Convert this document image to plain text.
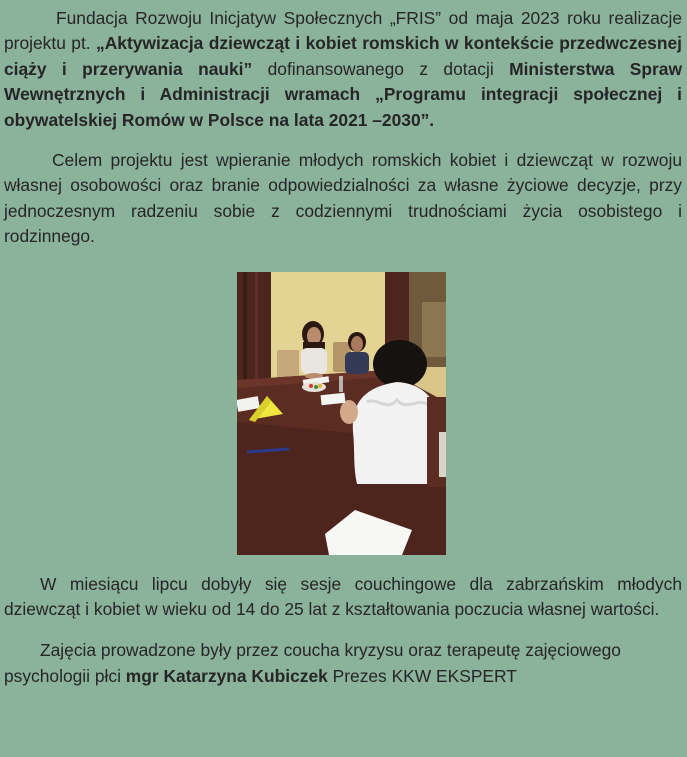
Fundacja Rozwoju Inicjatyw Społecznych „FRIS” od maja 2023 roku realizacje projektu pt. „Aktywizacja dziewcząt i kobiet romskich w kontekście przedwczesnej ciąży i przerywania nauki” dofinansowanego z dotacji Ministerstwa Spraw Wewnętrznych i Administracji wramach „Programu integracji społecznej i obywatelskiej Romów w Polsce na lata 2021 –2030”.

Celem projektu jest wpieranie młodych romskich kobiet i dziewcząt w rozwoju własnej osobowości oraz branie odpowiedzialności za własne życiowe decyzje, przy jednoczesnym radzeniu sobie z codziennymi trudnościami życia osobistego i rodzinnego.

W miesiącu lipcu dobyły się sesje couchingowe dla zabrzańskim młodych dziewcząt i kobiet w wieku od 14 do 25 lat z kształtowania poczucia własnej wartości.

Zajęcia prowadzone były przez coucha kryzysu oraz terapeutę zajęciowego psychologii płci mgr Katarzyna Kubiczek Prezes KKW EKSPERT
